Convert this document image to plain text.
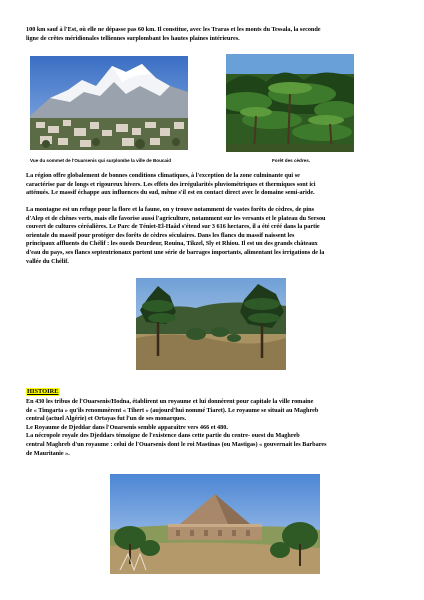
100 km sauf à l'Est, où elle ne dépasse pas 60 km. Il constitue, avec les Traras et les monts du Tessala, la seconde
ligne de crêtes méridionales telliennes surplombant les hautes plaines intérieures.
Vue du sommet de l'Ouarsenis qui surplombe la ville de Boucaid	Forêt des cèdres.
La région offre globalement de bonnes conditions climatiques, à l'exception de la zone culminante qui se
caractérise par de longs et rigoureux hivers. Les effets des irrégularités pluviométriques et thermiques sont ici
atténués. Le massif échappe aux influences du sud, même s'il est en contact direct avec le domaine semi-aride.
La montagne est un refuge pour la flore et la faune, on y trouve notamment de vastes forêts de cèdres, de pins
d'Alep et de chênes verts, mais elle favorise aussi l'agriculture, notamment sur les versants et le plateau du Sersou
couvert de cultures céréalières. Le Parc de Téniet-El-Haâd s'étend sur 3 616 hectares, il a été créé dans la partie
orientale du massif pour protéger des forêts de cèdres séculaires. Dans les flancs du massif naissent les
principaux affluents du Chélif : les oueds Deurdeur, Rouina, Tikzel, Sly et Rhiou. Il est un des grands châteaux
d'eau du pays, ses flancs septentrionaux portent une série de barrages importants, alimentant les irrigations de la
vallée du Chélif.
HISTOIRE
En 430 les tribus de l'Ouarsenis/Hodna, établirent un royaume et lui donnèrent pour capitale la ville romaine
de « Timgarta » qu'ils renommèrent « Tihert » (aujourd'hui nommé Tiaret). Le royaume se situait au Maghreb
central (actuel Algérie) et Ortayas fut l'un de ses monarques.
Le Royaume de Djeddar dans l'Ouarsenis semble apparaître vers 466 et 480.
La nécropole royale des Djeddars témoigne de l'existence dans cette partie du centre- ouest du Maghreb
central Maghreb d'un royaume : celui de l'Ouarsenis dont le roi Mastinas (ou Mastigas) « gouvernait les Barbares
de Mauritanie ».
